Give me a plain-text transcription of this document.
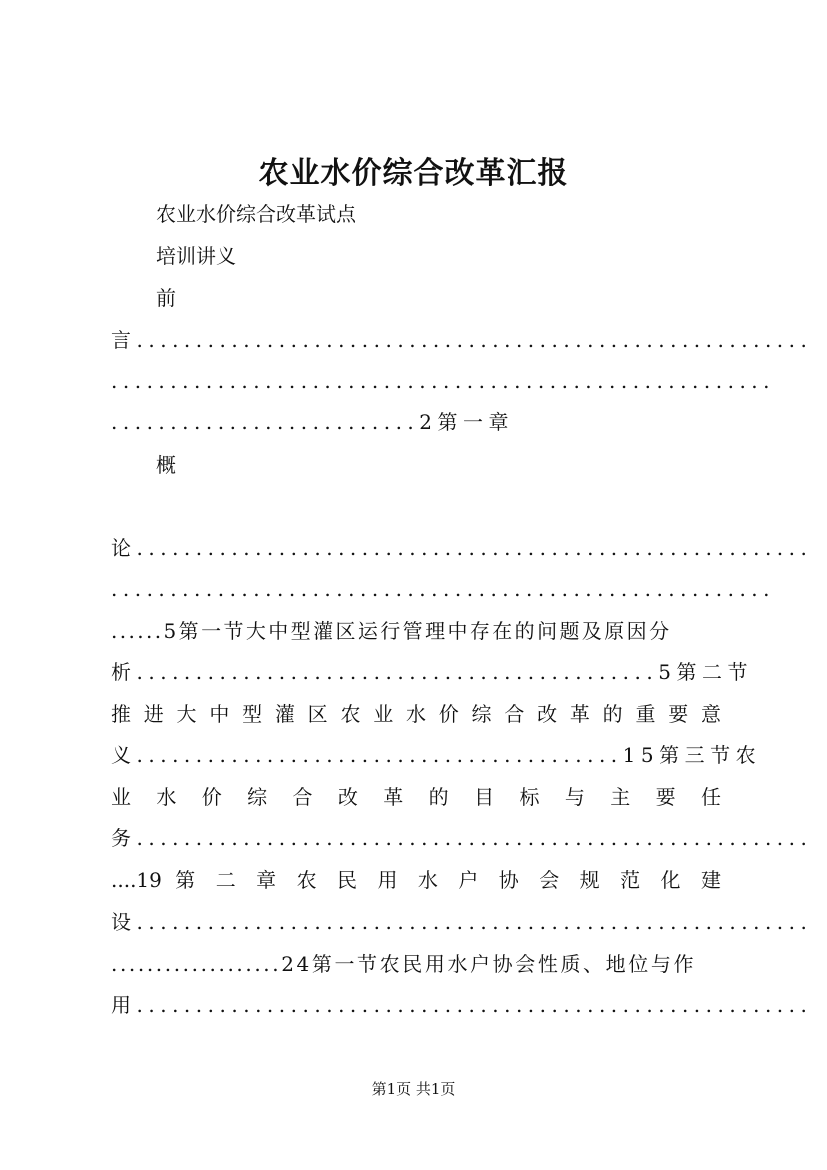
农业水价综合改革汇报
农业水价综合改革试点
培训讲义
前
言.........................................................
........................................................
..........................2第一章
概
论.........................................................
........................................................
......5第一节大中型灌区运行管理中存在的问题及原因分
析............................................5第二节
推 进 大 中 型 灌 区 农 业 水 价 综 合 改 革 的 重 要 意
义.........................................15第三节农
业 水 价 综 合 改 革 的 目 标 与 主 要 任
务.........................................................
....19 第 二 章 农 民 用 水 户 协 会 规 范 化 建
设.........................................................
...................24第一节农民用水户协会性质、地位与作
用.........................................................
第1页 共1页
